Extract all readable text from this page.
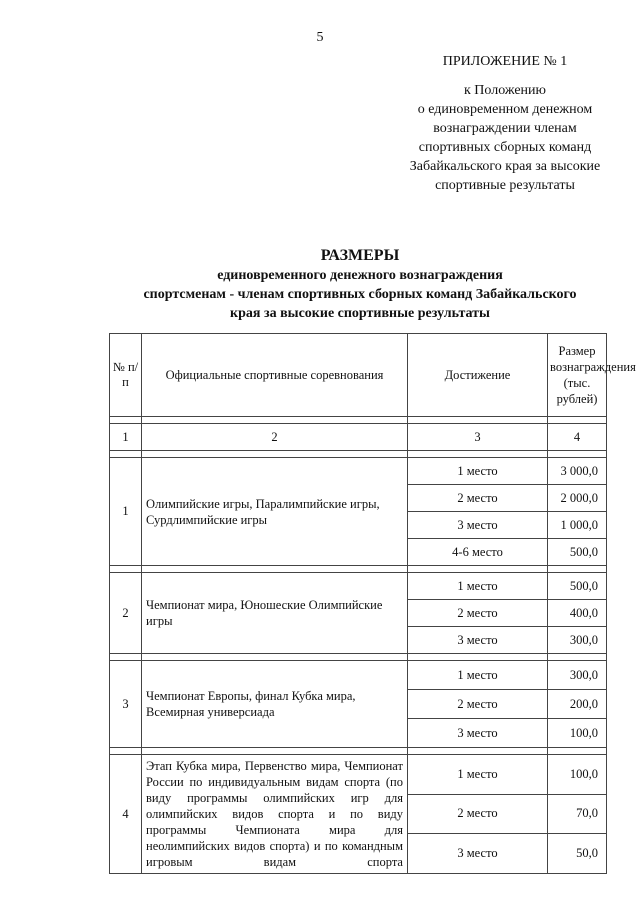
5
ПРИЛОЖЕНИЕ № 1
к Положению
о единовременном денежном
вознаграждении членам
спортивных сборных команд
Забайкальского края за высокие
спортивные результаты
РАЗМЕРЫ
единовременного денежного вознаграждения
спортсменам - членам спортивных сборных команд Забайкальского
края за высокие спортивные результаты
№ п/п	Официальные спортивные соревнования	Достижение	Размер вознаграждения (тыс. рублей)

1	2	3	4

1	Олимпийские игры, Паралимпийские игры, Сурдлимпийские игры	1 место	3 000,0
		2 место	2 000,0
		3 место	1 000,0
		4-6 место	500,0

2	Чемпионат мира, Юношеские Олимпийские игры	1 место	500,0
		2 место	400,0
		3 место	300,0

3	Чемпионат Европы, финал Кубка мира, Всемирная универсиада	1 место	300,0
		2 место	200,0
		3 место	100,0

4	Этап Кубка мира, Первенство мира, Чемпионат России по индивидуальным видам спорта (по виду программы олимпийских игр для олимпийских видов спорта и по виду программы Чемпионата мира для неолимпийских видов спорта) и по командным игровым видам спорта	1 место	100,0
		2 место	70,0
		3 место	50,0
